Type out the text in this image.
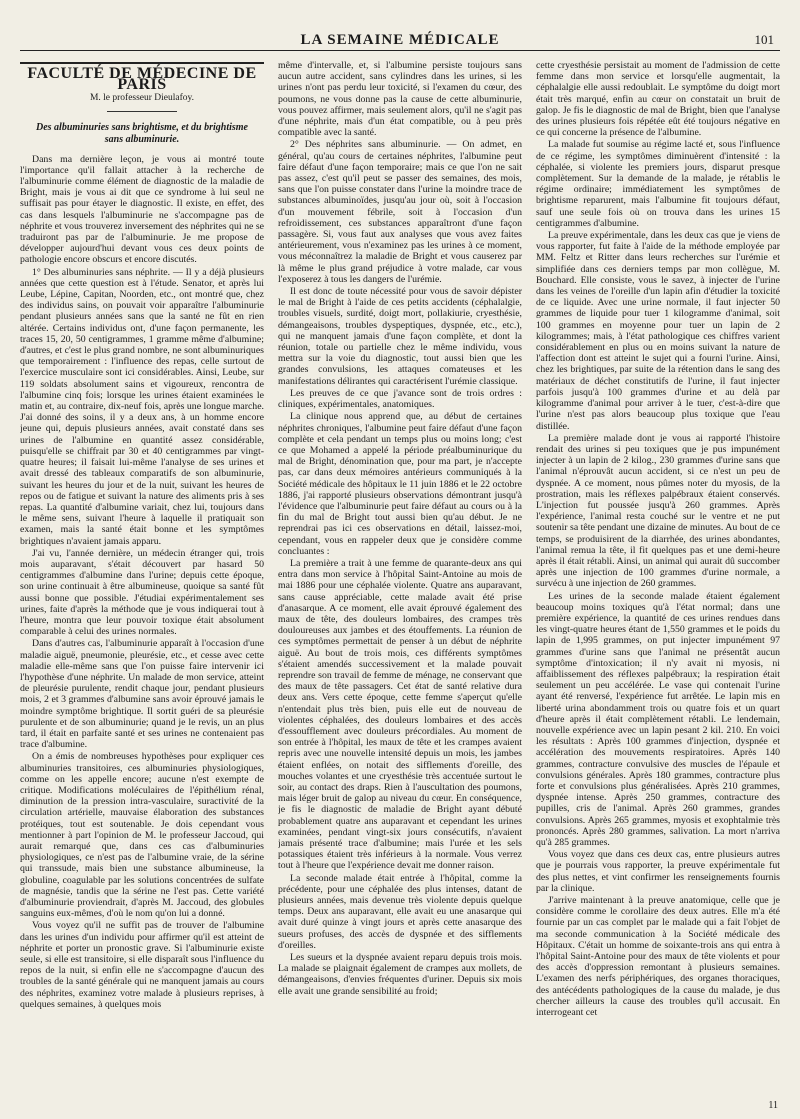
LA SEMAINE MÉDICALE	101
FACULTÉ DE MÉDECINE DE PARIS
M. le professeur Dieulafoy.
Des albuminuries sans brightisme, et du brightisme sans albuminurie.

Dans ma dernière leçon, je vous ai montré toute l'importance qu'il fallait attacher à la recherche de l'albuminurie comme élément de diagnostic de la maladie de Bright, mais je vous ai dit que ce syndrome à lui seul ne suffisait pas pour étayer le diagnostic. Il existe, en effet, des cas dans lesquels l'albuminurie ne s'accompagne pas de néphrite et vous trouverez inversement des néphrites qui ne se traduiront pas par de l'albuminurie. Je me propose de développer aujourd'hui devant vous ces deux points de pathologie encore obscurs et encore discutés.

1° Des albuminuries sans néphrite. — Il y a déjà plusieurs années que cette question est à l'étude. Senator, et après lui Leube, Lépine, Capitan, Noorden, etc., ont montré que, chez des individus sains, on pouvait voir apparaître l'albuminurie pendant plusieurs années sans que la santé ne fût en rien altérée. Certains individus ont, d'une façon permanente, les traces 15, 20, 50 centigrammes, 1 gramme même d'albumine; d'autres, et c'est le plus grand nombre, ne sont albuminuriques que temporairement : l'influence des repas, celle surtout de l'exercice musculaire sont ici considérables. Ainsi, Leube, sur 119 soldats absolument sains et vigoureux, rencontra de l'albumine cinq fois; lorsque les urines étaient examinées le matin et, au contraire, dix-neuf fois, après une longue marche. J'ai donné des soins, il y a deux ans, à un homme encore jeune qui, depuis plusieurs années, avait constaté dans ses urines de l'albumine en quantité assez considérable, puisqu'elle se chiffrait par 30 et 40 centigrammes par vingt-quatre heures; il faisait lui-même l'analyse de ses urines et avait dressé des tableaux comparatifs de son albuminurie, suivant les heures du jour et de la nuit, suivant les heures de repos ou de fatigue et suivant la nature des aliments pris à ses repas. La quantité d'albumine variait, chez lui, toujours dans le même sens, suivant l'heure à laquelle il pratiquait son examen, mais la santé était bonne et les symptômes brightiques n'avaient jamais apparu.

J'ai vu, l'année dernière, un médecin étranger qui, trois mois auparavant, s'était découvert par hasard 50 centigrammes d'albumine dans l'urine; depuis cette époque, son urine continuait à être albumineuse, quoique sa santé fût aussi bonne que possible. J'étudiai expérimentalement ses urines, faite d'après la méthode que je vous indiquerai tout à l'heure, montra que leur pouvoir toxique était absolument comparable à celui des urines normales.

Dans d'autres cas, l'albuminurie apparaît à l'occasion d'une maladie aiguë, pneumonie, pleurésie, etc., et cesse avec cette maladie elle-même sans que l'on puisse faire intervenir ici l'hypothèse d'une néphrite. Un malade de mon service, atteint de pleurésie purulente, rendit chaque jour, pendant plusieurs mois, 2 et 3 grammes d'albumine sans avoir éprouvé jamais le moindre symptôme brightique. Il sortit guéri de sa pleurésie purulente et de son albuminurie; quand je le revis, un an plus tard, il était en parfaite santé et ses urines ne contenaient pas trace d'albumine.

On a émis de nombreuses hypothèses pour expliquer ces albuminuries transitoires, ces albuminuries physiologiques, comme on les appelle encore; aucune n'est exempte de critique. Modifications moléculaires de l'épithélium rénal, diminution de la pression intra-vasculaire, suractivité de la circulation artérielle, mauvaise élaboration des substances protéiques, tout est soutenable. Je dois cependant vous mentionner à part l'opinion de M. le professeur Jaccoud, qui aurait remarqué que, dans ces cas d'albuminuries physiologiques, ce n'est pas de l'albumine vraie, de la sérine qui transsude, mais bien une substance albumineuse, la globuline, coagulable par les solutions concentrées de sulfate de magnésie, tandis que la sérine ne l'est pas. Cette variété d'albuminurie proviendrait, d'après M. Jaccoud, des globules sanguins eux-mêmes, d'où le nom qu'on lui a donné.

Vous voyez qu'il ne suffit pas de trouver de l'albumine dans les urines d'un individu pour affirmer qu'il est atteint de néphrite et porter un pronostic grave. Si l'albuminurie existe seule, si elle est transitoire, si elle disparaît sous l'influence du repos de la nuit, si enfin elle ne s'accompagne d'aucun des troubles de la santé générale qui ne manquent jamais au cours des néphrites, examinez votre malade à plusieurs reprises, à quelques semaines, à quelques mois

même d'intervalle, et, si l'albumine persiste toujours sans aucun autre accident, sans cylindres dans les urines, si les urines n'ont pas perdu leur toxicité, si l'examen du cœur, des poumons, ne vous donne pas la cause de cette albuminurie, vous pouvez affirmer, mais seulement alors, qu'il ne s'agit pas d'une néphrite, mais d'un état compatible, ou à peu près compatible avec la santé.

2° Des néphrites sans albuminurie. — On admet, en général, qu'au cours de certaines néphrites, l'albumine peut faire défaut d'une façon temporaire; mais ce que l'on ne sait pas assez, c'est qu'il peut se passer des semaines, des mois, sans que l'on puisse constater dans l'urine la moindre trace de substances albuminoïdes, jusqu'au jour où, soit à l'occasion d'un mouvement fébrile, soit à l'occasion d'un refroidissement, ces substances apparaîtront d'une façon passagère. Si, vous faut aux analyses que vous avez faites antérieurement, vous n'examinez pas les urines à ce moment, vous méconnaîtrez la maladie de Bright et vous causerez par là même le plus grand préjudice à votre malade, car vous l'exposerez à tous les dangers de l'urémie.

Il est donc de toute nécessité pour vous de savoir dépister le mal de Bright à l'aide de ces petits accidents (céphalalgie, troubles visuels, surdité, doigt mort, pollakiurie, cryesthésie, démangeaisons, troubles dyspeptiques, dyspnée, etc., etc.), qui ne manquent jamais d'une façon complète, et dont la réunion, totale ou partielle chez le même individu, vous mettra sur la voie du diagnostic, tout aussi bien que les grandes convulsions, les attaques comateuses et les manifestations délirantes qui caractérisent l'urémie classique.

Les preuves de ce que j'avance sont de trois ordres : cliniques, expérimentales, anatomiques.

La clinique nous apprend que, au début de certaines néphrites chroniques, l'albumine peut faire défaut d'une façon complète et cela pendant un temps plus ou moins long; c'est ce que Mohamed a appelé la période préalbuminurique du mal de Bright, dénomination que, pour ma part, je n'accepte pas, car dans deux mémoires antérieurs communiqués à la Société médicale des hôpitaux le 11 juin 1886 et le 22 octobre 1886, j'ai rapporté plusieurs observations démontrant jusqu'à l'évidence que l'albuminurie peut faire défaut au cours ou à la fin du mal de Bright tout aussi bien qu'au début. Je ne reprendrai pas ici ces observations en détail, laissez-moi, cependant, vous en rappeler deux que je considère comme concluantes :

La première a trait à une femme de quarante-deux ans qui entra dans mon service à l'hôpital Saint-Antoine au mois de mai 1886 pour une céphalée violente. Quatre ans auparavant, sans cause appréciable, cette malade avait été prise d'anasarque. A ce moment, elle avait éprouvé également des maux de tête, des douleurs lombaires, des crampes très douloureuses aux jambes et des étouffements. La réunion de ces symptômes permettait de penser à un début de néphrite aiguë. Au bout de trois mois, ces différents symptômes s'étaient amendés successivement et la malade pouvait reprendre son travail de femme de ménage, ne conservant que des maux de tête passagers. Cet état de santé relative dura deux ans. Vers cette époque, cette femme s'aperçut qu'elle n'entendait plus très bien, puis elle eut de nouveau de violentes céphalées, des douleurs lombaires et des accès d'essoufflement avec douleurs précordiales. Au moment de son entrée à l'hôpital, les maux de tête et les crampes avaient repris avec une nouvelle intensité depuis un mois, les jambes étaient enflées, on notait des sifflements d'oreille, des mouches volantes et une cryesthésie très accentuée surtout le soir, au contact des draps. Rien à l'auscultation des poumons, mais léger bruit de galop au niveau du cœur. En conséquence, je fis le diagnostic de maladie de Bright ayant débuté probablement quatre ans auparavant et cependant les urines examinées, pendant vingt-six jours consécutifs, n'avaient jamais présenté trace d'albumine; mais l'urée et les sels potassiques étaient très inférieurs à la normale. Vous verrez tout à l'heure que l'expérience devait me donner raison.

La seconde malade était entrée à l'hôpital, comme la précédente, pour une céphalée des plus intenses, datant de plusieurs années, mais devenue très violente depuis quelque temps. Deux ans auparavant, elle avait eu une anasarque qui avait duré quinze à vingt jours et après cette anasarque des sueurs profuses, des accès de dyspnée et des sifflements d'oreilles.

Les sueurs et la dyspnée avaient reparu depuis trois mois. La malade se plaignait également de crampes aux mollets, de démangeaisons, d'envies fréquentes d'uriner. Depuis six mois elle avait une grande sensibilité au froid;

cette cryesthésie persistait au moment de l'admission de cette femme dans mon service et lorsqu'elle augmentait, la céphalalgie elle aussi redoublait. Le symptôme du doigt mort était très marqué, enfin au cœur on constatait un bruit de galop. Je fis le diagnostic de mal de Bright, bien que l'analyse des urines plusieurs fois répétée eût été toujours négative en ce qui concerne la présence de l'albumine.

La malade fut soumise au régime lacté et, sous l'influence de ce régime, les symptômes diminuèrent d'intensité : la céphalée, si violente les premiers jours, disparut presque complètement. Sur la demande de la malade, je rétablis le régime ordinaire; immédiatement les symptômes de brightisme reparurent, mais l'albumine fit toujours défaut, sauf une seule fois où on trouva dans les urines 15 centigrammes d'albumine.

La preuve expérimentale, dans les deux cas que je viens de vous rapporter, fut faite à l'aide de la méthode employée par MM. Feltz et Ritter dans leurs recherches sur l'urémie et simplifiée dans ces derniers temps par mon collègue, M. Bouchard. Elle consiste, vous le savez, à injecter de l'urine dans les veines de l'oreille d'un lapin afin d'étudier la toxicité de ce liquide. Avec une urine normale, il faut injecter 50 grammes de liquide pour tuer 1 kilogramme d'animal, soit 100 grammes en moyenne pour tuer un lapin de 2 kilogrammes; mais, à l'état pathologique ces chiffres varient considérablement en plus ou en moins suivant la nature de l'affection dont est atteint le sujet qui a fourni l'urine. Ainsi, chez les brightiques, par suite de la rétention dans le sang des matériaux de déchet constitutifs de l'urine, il faut injecter parfois jusqu'à 100 grammes d'urine et au delà par kilogramme d'animal pour arriver à le tuer, c'est-à-dire que l'urine n'est pas alors beaucoup plus toxique que l'eau distillée.

La première malade dont je vous ai rapporté l'histoire rendait des urines si peu toxiques que je pus impunément injecter à un lapin de 2 kilog., 230 grammes d'urine sans que l'animal n'éprouvât aucun accident, si ce n'est un peu de dyspnée. A ce moment, nous pûmes noter du myosis, de la prostration, mais les réflexes palpébraux étaient conservés. L'injection fut poussée jusqu'à 260 grammes. Après l'expérience, l'animal resta couché sur le ventre et ne put soutenir sa tête pendant une dizaine de minutes. Au bout de ce temps, se produisirent de la diarrhée, des urines abondantes, l'animal remua la tête, il fit quelques pas et une demi-heure après il était rétabli. Ainsi, un animal qui aurait dû succomber après une injection de 100 grammes d'urine normale, a survécu à une injection de 260 grammes.

Les urines de la seconde malade étaient également beaucoup moins toxiques qu'à l'état normal; dans une première expérience, la quantité de ces urines rendues dans les vingt-quatre heures étant de 1,550 grammes et le poids du lapin de 1,995 grammes, on put injecter impunément 97 grammes d'urine sans que l'animal ne présentât aucun symptôme d'intoxication; il n'y avait ni myosis, ni affaiblissement des réflexes palpébraux; la respiration était seulement un peu accélérée. Le vase qui contenait l'urine ayant été renversé, l'expérience fut arrêtée. Le lapin mis en liberté urina abondamment trois ou quatre fois et un quart d'heure après il était complètement rétabli. Le lendemain, nouvelle expérience avec un lapin pesant 2 kil. 210. En voici les résultats : Après 100 grammes d'injection, dyspnée et accélération des mouvements respiratoires. Après 140 grammes, contracture convulsive des muscles de l'épaule et convulsions générales. Après 180 grammes, contracture plus forte et convulsions plus généralisées. Après 210 grammes, dyspnée intense. Après 250 grammes, contracture des pupilles, cris de l'animal. Après 260 grammes, grandes convulsions. Après 265 grammes, myosis et exophtalmie très prononcés. Après 280 grammes, salivation. La mort n'arriva qu'à 285 grammes.

Vous voyez que dans ces deux cas, entre plusieurs autres que je pourrais vous rapporter, la preuve expérimentale fut des plus nettes, et vint confirmer les renseignements fournis par la clinique.

J'arrive maintenant à la preuve anatomique, celle que je considère comme le corollaire des deux autres. Elle m'a été fournie par un cas complet par le malade qui a fait l'objet de ma seconde communication à la Société médicale des Hôpitaux. C'était un homme de soixante-trois ans qui entra à l'hôpital Saint-Antoine pour des maux de tête violents et pour des accès d'oppression remontant à plusieurs semaines. L'examen des nerfs périphériques, des organes thoraciques, des antécédents pathologiques de la cause du malade, je dus chercher ailleurs la cause des troubles qu'il accusait. En interrogeant cet

11
